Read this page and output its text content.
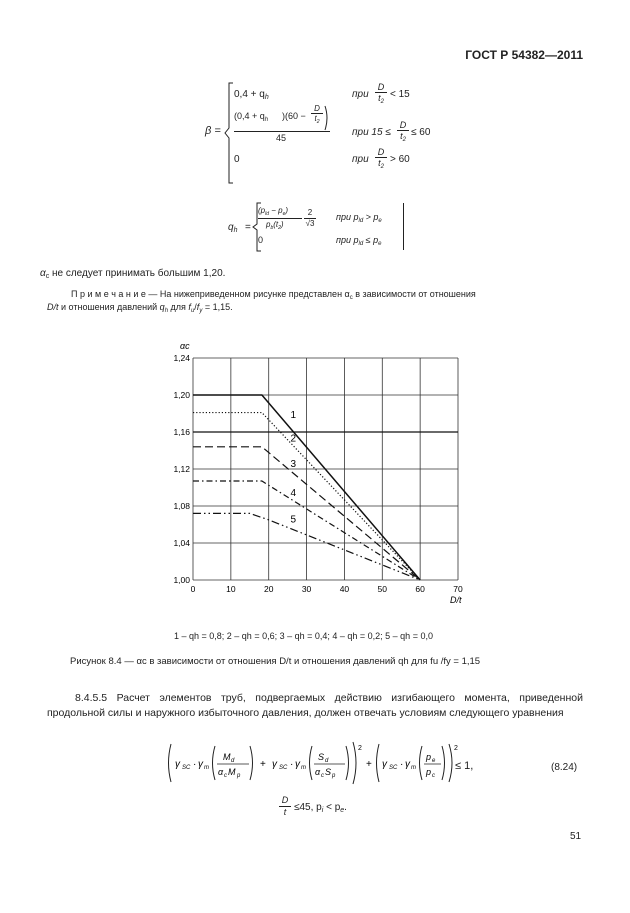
ГОСТ Р 54382—2011
β =
$0,4 + q_h$	при
D
$t_2$
< 15
($0,4 + q_h$ )(60 −
D
$t_2$
45	при 15 ≤
D
$t_2$
≤ 60
0	при
D
$t_2$
> 60
$q_h$ =
$(p_{ld} - p_e)$
$p_b(t_2)$
2
√3
при $p_{ld} > p_e$
0	при $p_{ld} \le p_e$
$\alpha_c$ не следует принимать большим 1,20.
П р и м е ч а н и е — На нижеприведенном рисунке представлен $\alpha_c$ в зависимости от отношения
D/t и отношения давлений $q_h$ для $f_u/f_y = 1,15$.
0	10	20	30	40	50	60	70
1,00
1,04
1,08
1,12
1,16
1,20
1,24
1
2
3
4
5
αc
D/t
1 – qh = 0,8; 2 – qh = 0,6; 3 – qh = 0,4; 4 – qh = 0,2; 5 – qh = 0,0
Рисунок 8.4 — αc в зависимости от отношения D/t и отношения давлений qh для fu /fy = 1,15
8.4.5.5 Расчет элементов труб, подвергаемых действию изгибающего момента, приведенной продольной силы и наружного избыточного давления, должен отвечать условиям следующего уравнения
γ SC · γ m
M d
α c M p
+ γ SC · γ m
S d
α c S p
2
+ γ SC · γ m
p e
p c
2
≤ 1,	(8.24)
D
t ≤45, $p_i < p_e$.
51
